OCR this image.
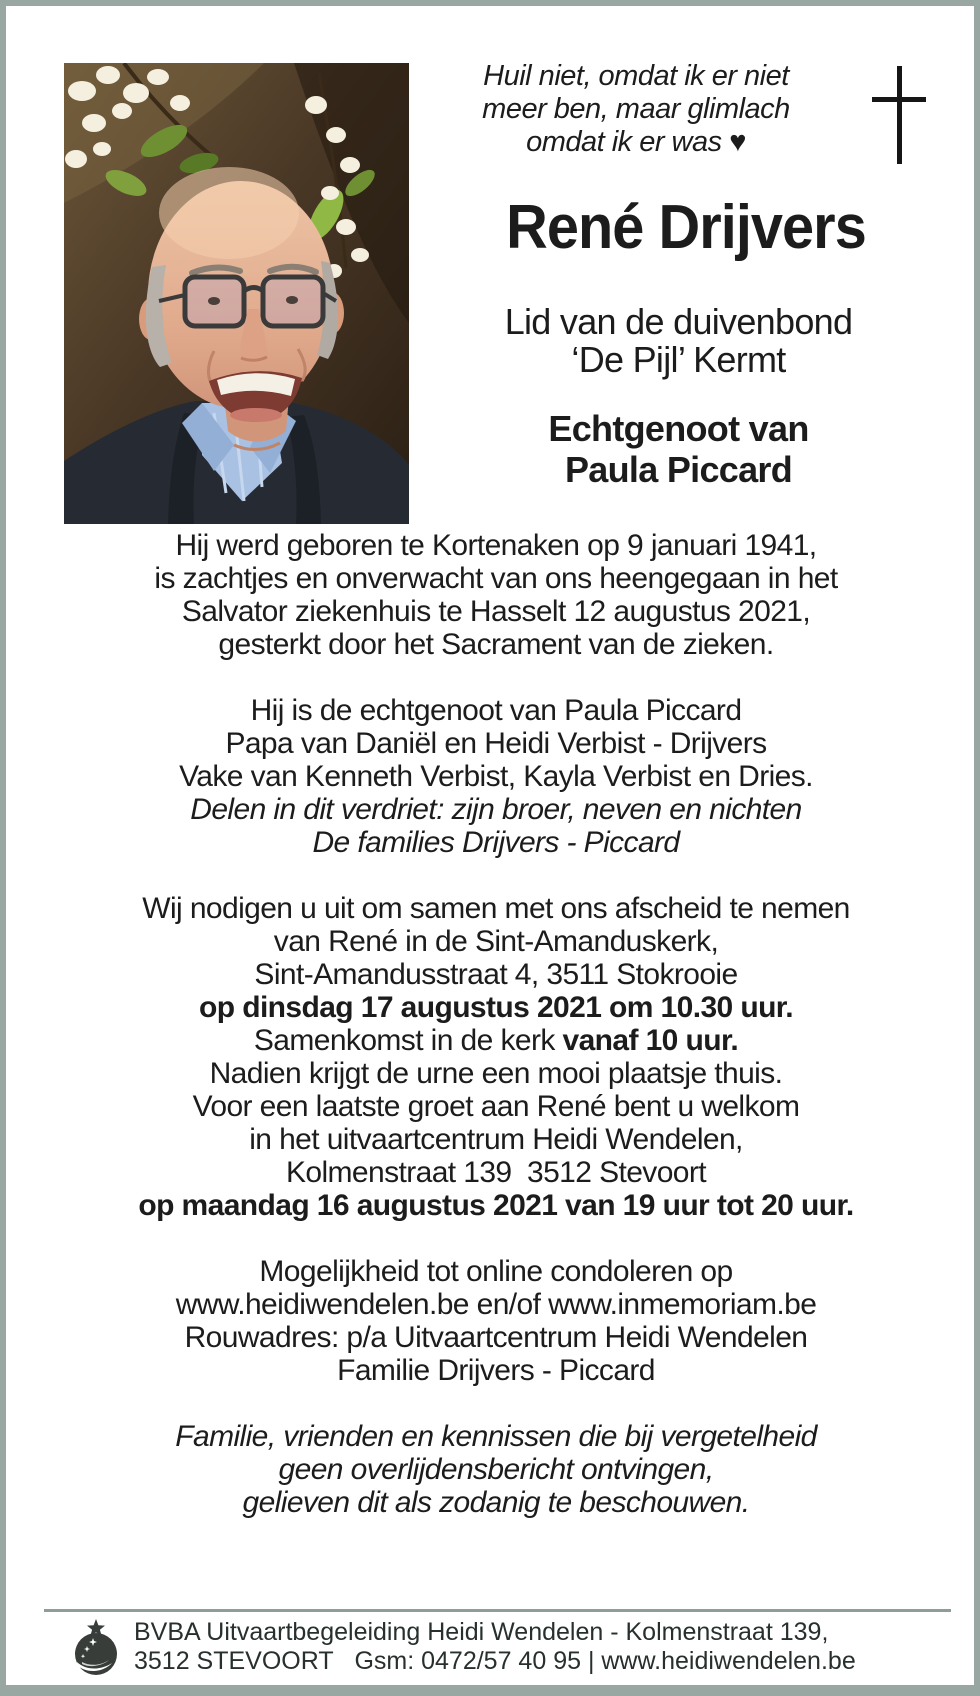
Huil niet, omdat ik er niet
meer ben, maar glimlach
omdat ik er was ♥
René Drijvers
Lid van de duivenbond
‘De Pijl’ Kermt
Echtgenoot van
Paula Piccard
Hij werd geboren te Kortenaken op 9 januari 1941,
is zachtjes en onverwacht van ons heengegaan in het
Salvator ziekenhuis te Hasselt 12 augustus 2021,
gesterkt door het Sacrament van de zieken.
Hij is de echtgenoot van Paula Piccard
Papa van Daniël en Heidi Verbist - Drijvers
Vake van Kenneth Verbist, Kayla Verbist en Dries.
Delen in dit verdriet: zijn broer, neven en nichten
De families Drijvers - Piccard
Wij nodigen u uit om samen met ons afscheid te nemen
van René in de Sint-Amanduskerk,
Sint-Amandusstraat 4, 3511 Stokrooie
op dinsdag 17 augustus 2021 om 10.30 uur.
Samenkomst in de kerk vanaf 10 uur.
Nadien krijgt de urne een mooi plaatsje thuis.
Voor een laatste groet aan René bent u welkom
in het uitvaartcentrum Heidi Wendelen,
Kolmenstraat 139  3512 Stevoort
op maandag 16 augustus 2021 van 19 uur tot 20 uur.
Mogelijkheid tot online condoleren op
www.heidiwendelen.be en/of www.inmemoriam.be
Rouwadres: p/a Uitvaartcentrum Heidi Wendelen
Familie Drijvers - Piccard
Familie, vrienden en kennissen die bij vergetelheid
geen overlijdensbericht ontvingen,
gelieven dit als zodanig te beschouwen.
BVBA Uitvaartbegeleiding Heidi Wendelen - Kolmenstraat 139,
3512 STEVOORT   Gsm: 0472/57 40 95 | www.heidiwendelen.be
